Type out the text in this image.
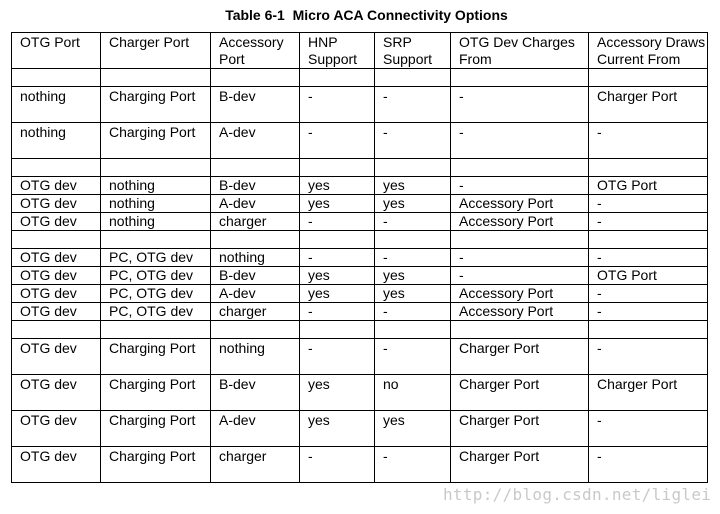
Table 6-1  Micro ACA Connectivity Options
OTG Port	Charger Port	Accessory Port	HNP Support	SRP Support	OTG Dev Charges From	Accessory Draws Current From

nothing	Charging Port	B-dev	-	-	-	Charger Port
nothing	Charging Port	A-dev	-	-	-	-

OTG dev	nothing	B-dev	yes	yes	-	OTG Port
OTG dev	nothing	A-dev	yes	yes	Accessory Port	-
OTG dev	nothing	charger	-	-	Accessory Port	-

OTG dev	PC, OTG dev	nothing	-	-	-	-
OTG dev	PC, OTG dev	B-dev	yes	yes	-	OTG Port
OTG dev	PC, OTG dev	A-dev	yes	yes	Accessory Port	-
OTG dev	PC, OTG dev	charger	-	-	Accessory Port	-

OTG dev	Charging Port	nothing	-	-	Charger Port	-
OTG dev	Charging Port	B-dev	yes	no	Charger Port	Charger Port
OTG dev	Charging Port	A-dev	yes	yes	Charger Port	-
OTG dev	Charging Port	charger	-	-	Charger Port	-
http://blog.csdn.net/liglei
